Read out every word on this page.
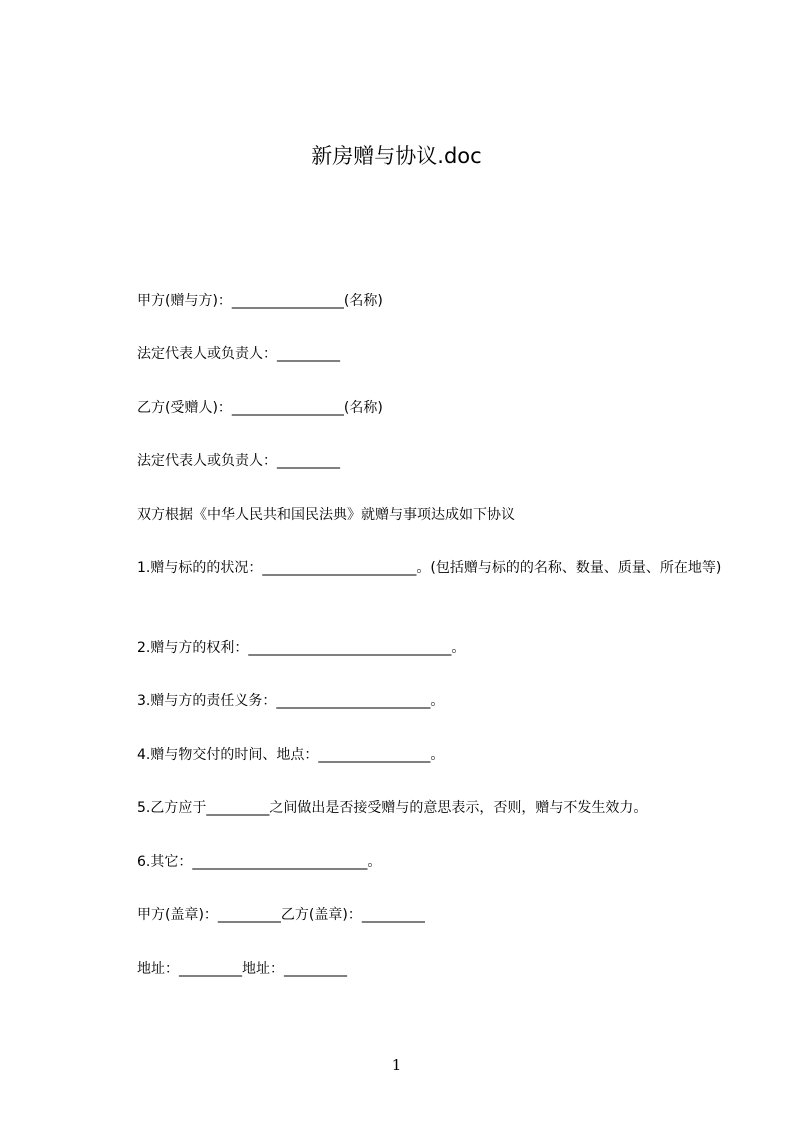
新房赠与协议.doc
甲方(赠与方)：________________(名称)
法定代表人或负责人：_________
乙方(受赠人)：________________(名称)
法定代表人或负责人：_________
双方根据《中华人民共和国民法典》就赠与事项达成如下协议
1.赠与标的的状况：______________________。(包括赠与标的的名称、数量、质量、所在地等)
2.赠与方的权利：_____________________________。
3.赠与方的责任义务：______________________。
4.赠与物交付的时间、地点：________________。
5.乙方应于_________之间做出是否接受赠与的意思表示，否则，赠与不发生效力。
6.其它：_________________________。
甲方(盖章)：_________乙方(盖章)：_________
地址：_________地址：_________
1
